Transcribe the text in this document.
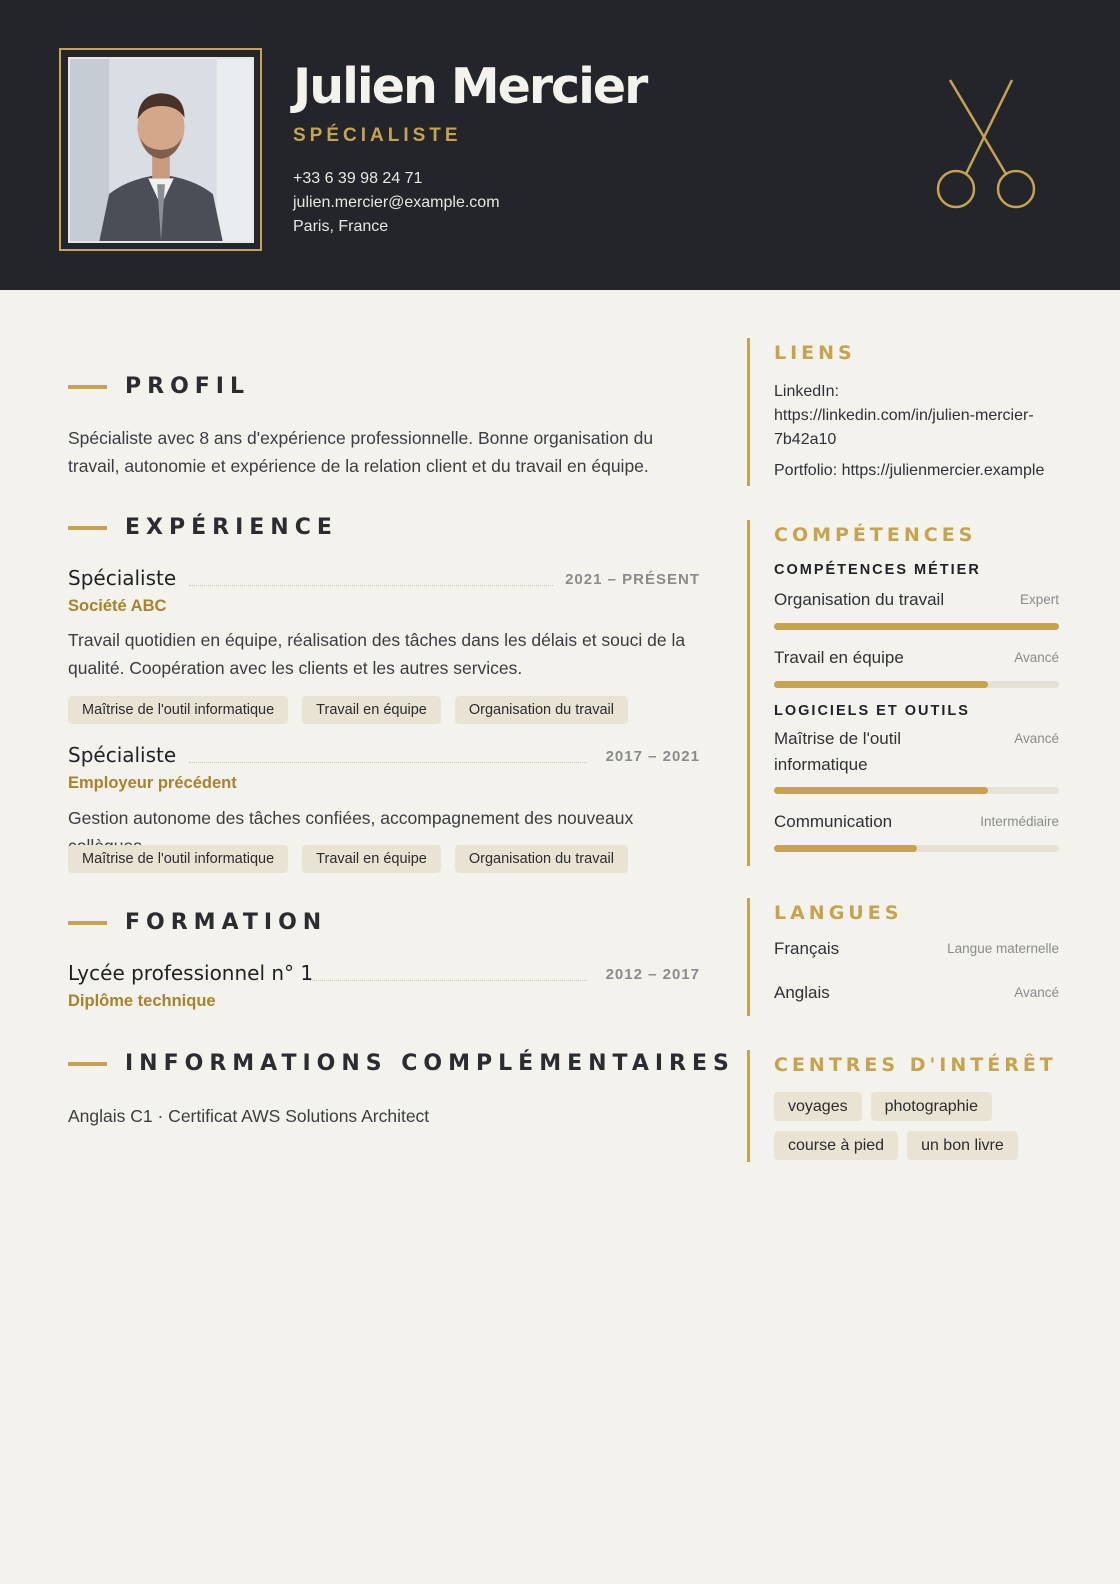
Julien Mercier
SPÉCIALISTE
+33 6 39 98 24 71
julien.mercier@example.com
Paris, France
PROFIL
Spécialiste avec 8 ans d'expérience professionnelle. Bonne organisation du travail, autonomie et expérience de la relation client et du travail en équipe.
EXPÉRIENCE
Spécialiste	2021 – PRÉSENT
Société ABC
Travail quotidien en équipe, réalisation des tâches dans les délais et souci de la qualité. Coopération avec les clients et les autres services.
Maîtrise de l'outil informatique	Travail en équipe	Organisation du travail
Spécialiste	2017 – 2021
Employeur précédent
Gestion autonome des tâches confiées, accompagnement des nouveaux
Maîtrise de l'outil informatique	Travail en équipe	Organisation du travail
FORMATION
Lycée professionnel n° 1	2012 – 2017
Diplôme technique
INFORMATIONS COMPLÉMENTAIRES
Anglais C1 · Certificat AWS Solutions Architect
LIENS
LinkedIn:
https://linkedin.com/in/julien-mercier-
7b42a10
Portfolio: https://julienmercier.example
COMPÉTENCES
COMPÉTENCES MÉTIER
Organisation du travail	Expert
Travail en équipe	Avancé
LOGICIELS ET OUTILS
Maîtrise de l'outil informatique
Avancé
Communication	Intermédiaire
LANGUES
Français	Langue maternelle
Anglais	Avancé
CENTRES D'INTÉRÊT
voyages	photographie
course à pied	un bon livre
